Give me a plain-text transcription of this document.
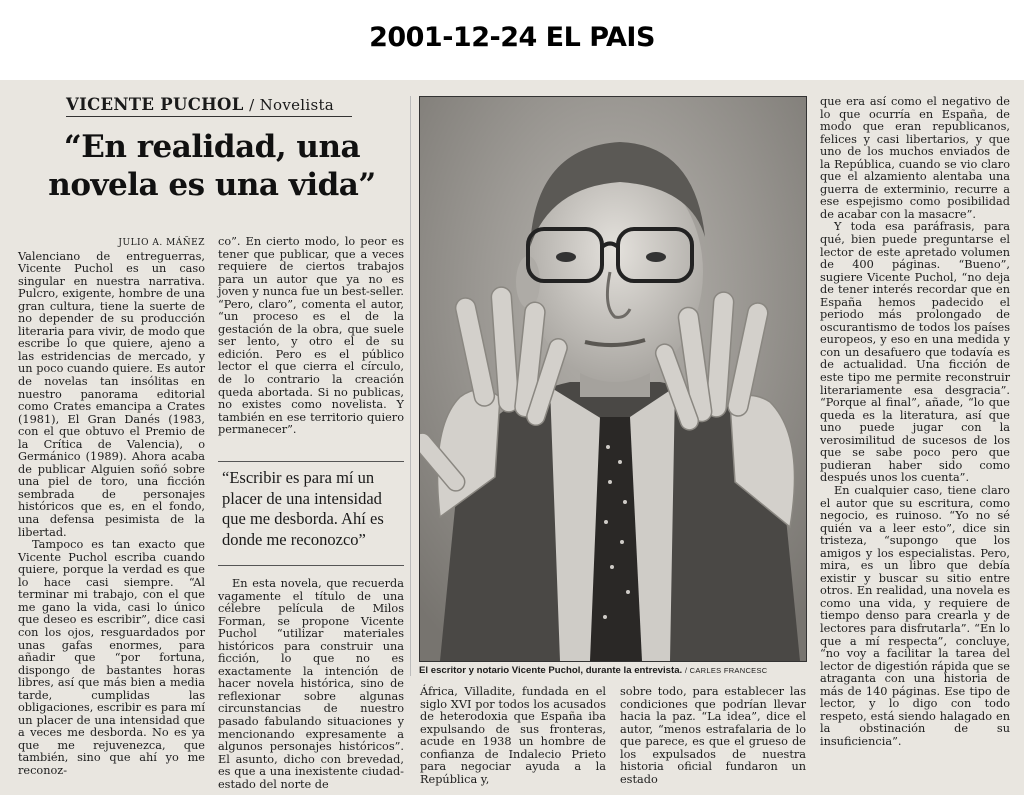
2001-12-24 EL PAIS
VICENTE PUCHOL / Novelista
“En realidad, una
novela es una vida”
JULIO A. MÁÑEZ

Valenciano de entreguerras, Vicente Puchol es un caso singular en nuestra narrativa. Pulcro, exigente, hombre de una gran cultura, tiene la suerte de no depender de su producción literaria para vivir, de modo que escribe lo que quiere, ajeno a las estridencias de mercado, y un poco cuando quiere. Es autor de novelas tan insólitas en nuestro panorama editorial como Crates emancipa a Crates (1981), El Gran Danés (1983, con el que obtuvo el Premio de la Crítica de Valencia), o Germánico (1989). Ahora acaba de publicar Alguien soñó sobre una piel de toro, una ficción sembrada de personajes históricos que es, en el fondo, una defensa pesimista de la libertad.

Tampoco es tan exacto que Vicente Puchol escriba cuando quiere, porque la verdad es que lo hace casi siempre. “Al terminar mi trabajo, con el que me gano la vida, casi lo único que deseo es escribir”, dice casi con los ojos, resguardados por unas gafas enormes, para añadir que “por fortuna, dispongo de bastantes horas libres, así que más bien a media tarde, cumplidas las obligaciones, escribir es para mí un placer de una intensidad que a veces me desborda. No es ya que me rejuvenezca, que también, sino que ahí yo me reconoz-

co”. En cierto modo, lo peor es tener que publicar, que a veces requiere de ciertos trabajos para un autor que ya no es joven y nunca fue un best-seller. “Pero, claro”, comenta el autor, “un proceso es el de la gestación de la obra, que suele ser lento, y otro el de su edición. Pero es el público lector el que cierra el círculo, de lo contrario la creación queda abortada. Si no publicas, no existes como novelista. Y también en ese territorio quiero permanecer”.

“Escribir es para mí un placer de una intensidad que me desborda. Ahí es donde me reconozco”

En esta novela, que recuerda vagamente el título de una célebre película de Milos Forman, se propone Vicente Puchol “utilizar materiales históricos para construir una ficción, lo que no es exactamente la intención de hacer novela histórica, sino de reflexionar sobre algunas circunstancias de nuestro pasado fabulando situaciones y mencionando expresamente a algunos personajes históricos”. El asunto, dicho con brevedad, es que a una inexistente ciudad-estado del norte de

El escritor y notario Vicente Puchol, durante la entrevista. / CARLES FRANCESC

África, Villadite, fundada en el siglo XVI por todos los acusados de heterodoxia que España iba expulsando de sus fronteras, acude en 1938 un hombre de confianza de Indalecio Prieto para negociar ayuda a la República y,

sobre todo, para establecer las condiciones que podrían llevar hacia la paz. “La idea”, dice el autor, “menos estrafalaria de lo que parece, es que el grueso de los expulsados de nuestra historia oficial fundaron un estado

que era así como el negativo de lo que ocurría en España, de modo que eran republicanos, felices y casi libertarios, y que uno de los muchos enviados de la República, cuando se vio claro que el alzamiento alentaba una guerra de exterminio, recurre a ese espejismo como posibilidad de acabar con la masacre”.

Y toda esa paráfrasis, para qué, bien puede preguntarse el lector de este apretado volumen de 400 páginas. “Bueno”, sugiere Vicente Puchol, “no deja de tener interés recordar que en España hemos padecido el periodo más prolongado de oscurantismo de todos los países europeos, y eso en una medida y con un desafuero que todavía es de actualidad. Una ficción de este tipo me permite reconstruir literariamente esa desgracia”. “Porque al final”, añade, “lo que queda es la literatura, así que uno puede jugar con la verosimilitud de sucesos de los que se sabe poco pero que pudieran haber sido como después unos los cuenta”.

En cualquier caso, tiene claro el autor que su escritura, como negocio, es ruinoso. “Yo no sé quién va a leer esto”, dice sin tristeza, “supongo que los amigos y los especialistas. Pero, mira, es un libro que debía existir y buscar su sitio entre otros. En realidad, una novela es como una vida, y requiere de tiempo denso para crearla y de lectores para disfrutarla”. “En lo que a mí respecta”, concluye, “no voy a facilitar la tarea del lector de digestión rápida que se atraganta con una historia de más de 140 páginas. Ese tipo de lector, y lo digo con todo respeto, está siendo halagado en la obstinación de su insuficiencia”.
